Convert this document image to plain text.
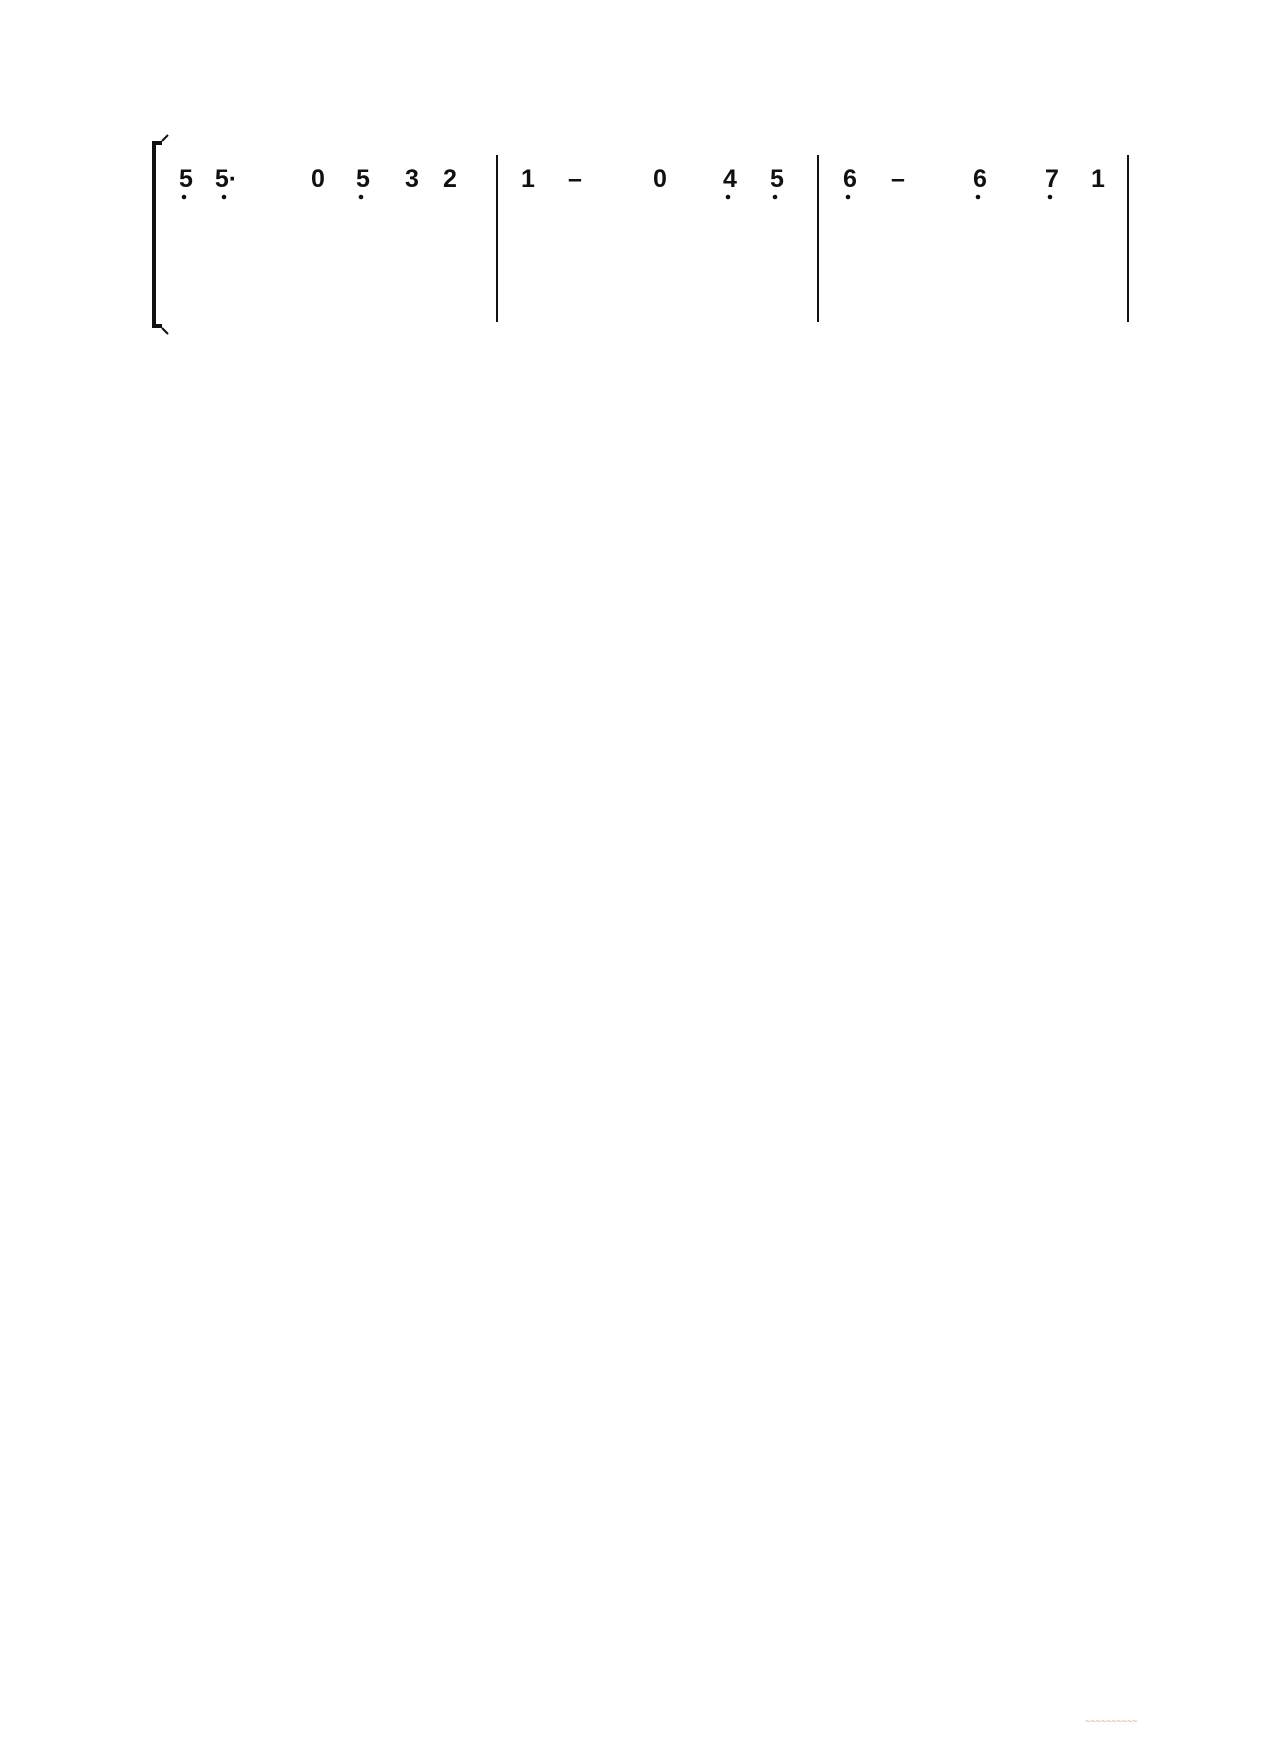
5 5·	0 5 3 2	1 –	0 4 5 6 –	6 7 1
~~~~~~~~~~
